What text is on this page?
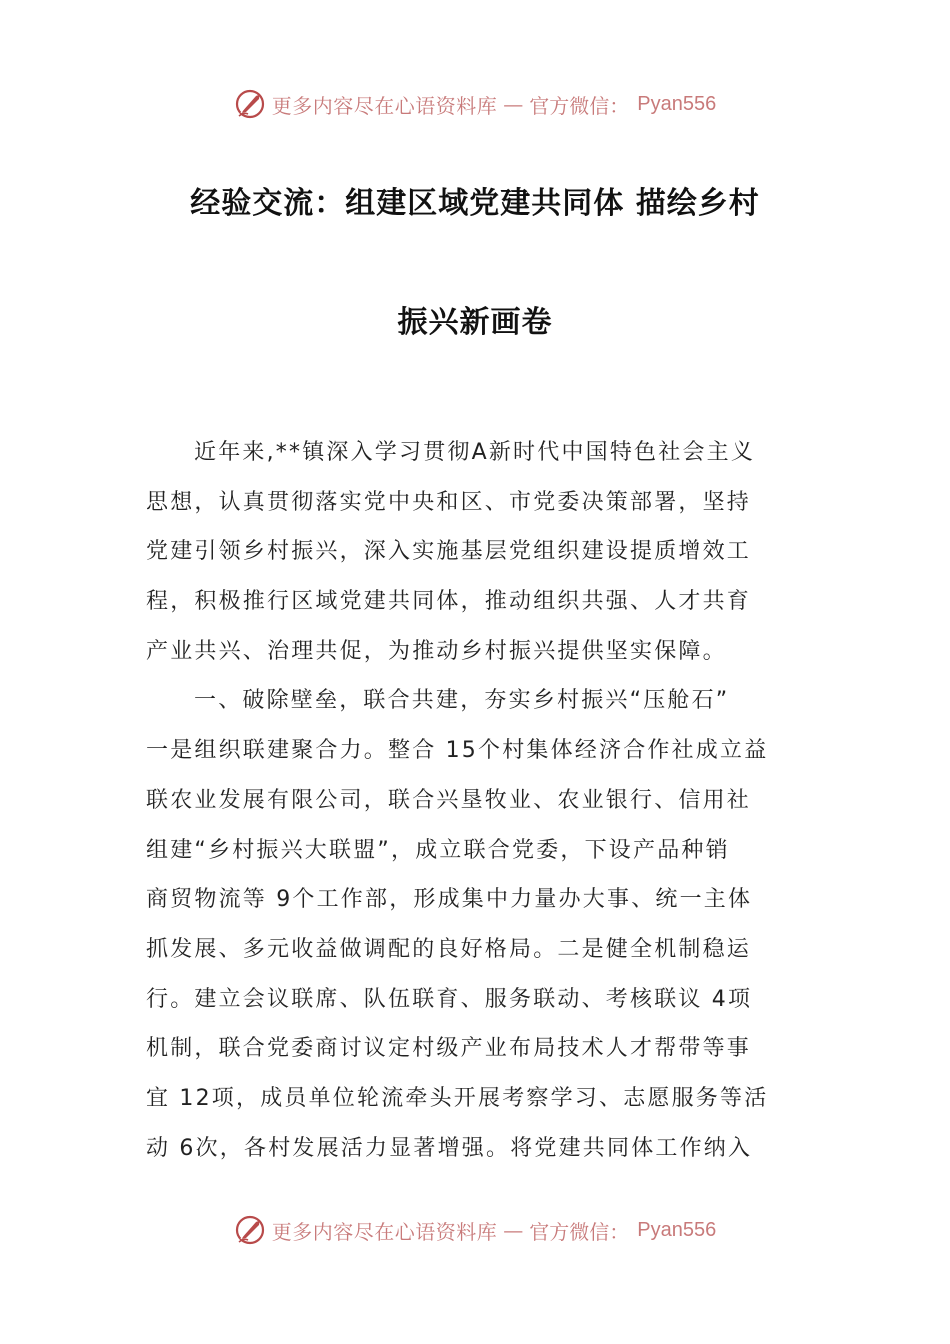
更多内容尽在心语资料库 — 官方微信： Pyan556
经验交流：组建区域党建共同体 描绘乡村
振兴新画卷
近年来,**镇深入学习贯彻A新时代中国特色社会主义
思想，认真贯彻落实党中央和区、市党委决策部署，坚持
党建引领乡村振兴，深入实施基层党组织建设提质增效工
程，积极推行区域党建共同体，推动组织共强、人才共育
产业共兴、治理共促，为推动乡村振兴提供坚实保障。
一、破除壁垒，联合共建，夯实乡村振兴“压舱石”
一是组织联建聚合力。整合 15个村集体经济合作社成立益
联农业发展有限公司，联合兴垦牧业、农业银行、信用社
组建“乡村振兴大联盟”，成立联合党委，下设产品种销
商贸物流等 9个工作部，形成集中力量办大事、统一主体
抓发展、多元收益做调配的良好格局。二是健全机制稳运
行。建立会议联席、队伍联育、服务联动、考核联议 4项
机制，联合党委商讨议定村级产业布局技术人才帮带等事
宜 12项，成员单位轮流牵头开展考察学习、志愿服务等活
动 6次，各村发展活力显著增强。将党建共同体工作纳入
更多内容尽在心语资料库 — 官方微信： Pyan556
